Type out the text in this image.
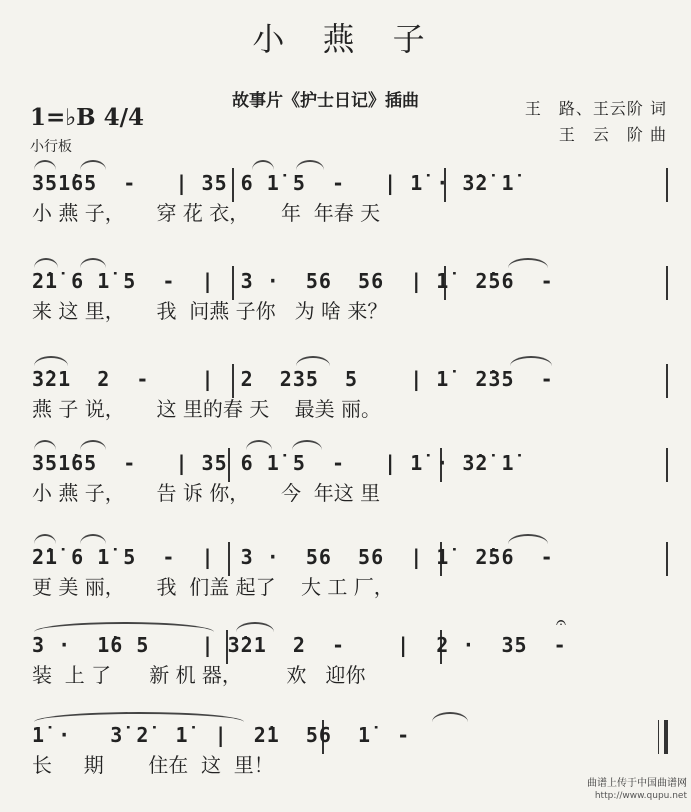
小 燕 子
故事片《护士日记》插曲	王　路、王云阶 词
王　云　阶 曲
1=♭B 4/4
小行板
351̇65  -   | 35 6 1̇ 5  -   | 1̇ · 3̇2̇ 1̇
小 燕 子，     穿 花 衣，     年  年春 天
2̇1̇ 6 1̇ 5  -  |  3 ·  56  56  | 1̇  2̇56  -
来 这 里，     我  问燕 子你   为 啥 来？
3̇21  2  -    |  2  235  5    | 1̇  2̇35  -
燕 子 说，     这 里的春 天    最美 丽。
351̇65  -   | 35 6 1̇ 5  -   | 1̇ · 3̇2̇ 1̇
小 燕 子，     告 诉 你，     今  年这 里
2̇1̇ 6 1̇ 5  -  |  3 ·  56  56  | 1̇  2̇56  -
更 美 丽，     我  们盖 起了    大 工 厂，
𝄐
3 ·  1̇6 5    | 3̇21  2  -    |  2 ·  35  -
装  上 了      新 机 器，       欢   迎你
1̇ ·   3̇ 2̇  1̇  |  2̇1  56  1̇  -
长     期       住在  这  里！
曲谱上传于中国曲谱网
http://www.qupu.net
